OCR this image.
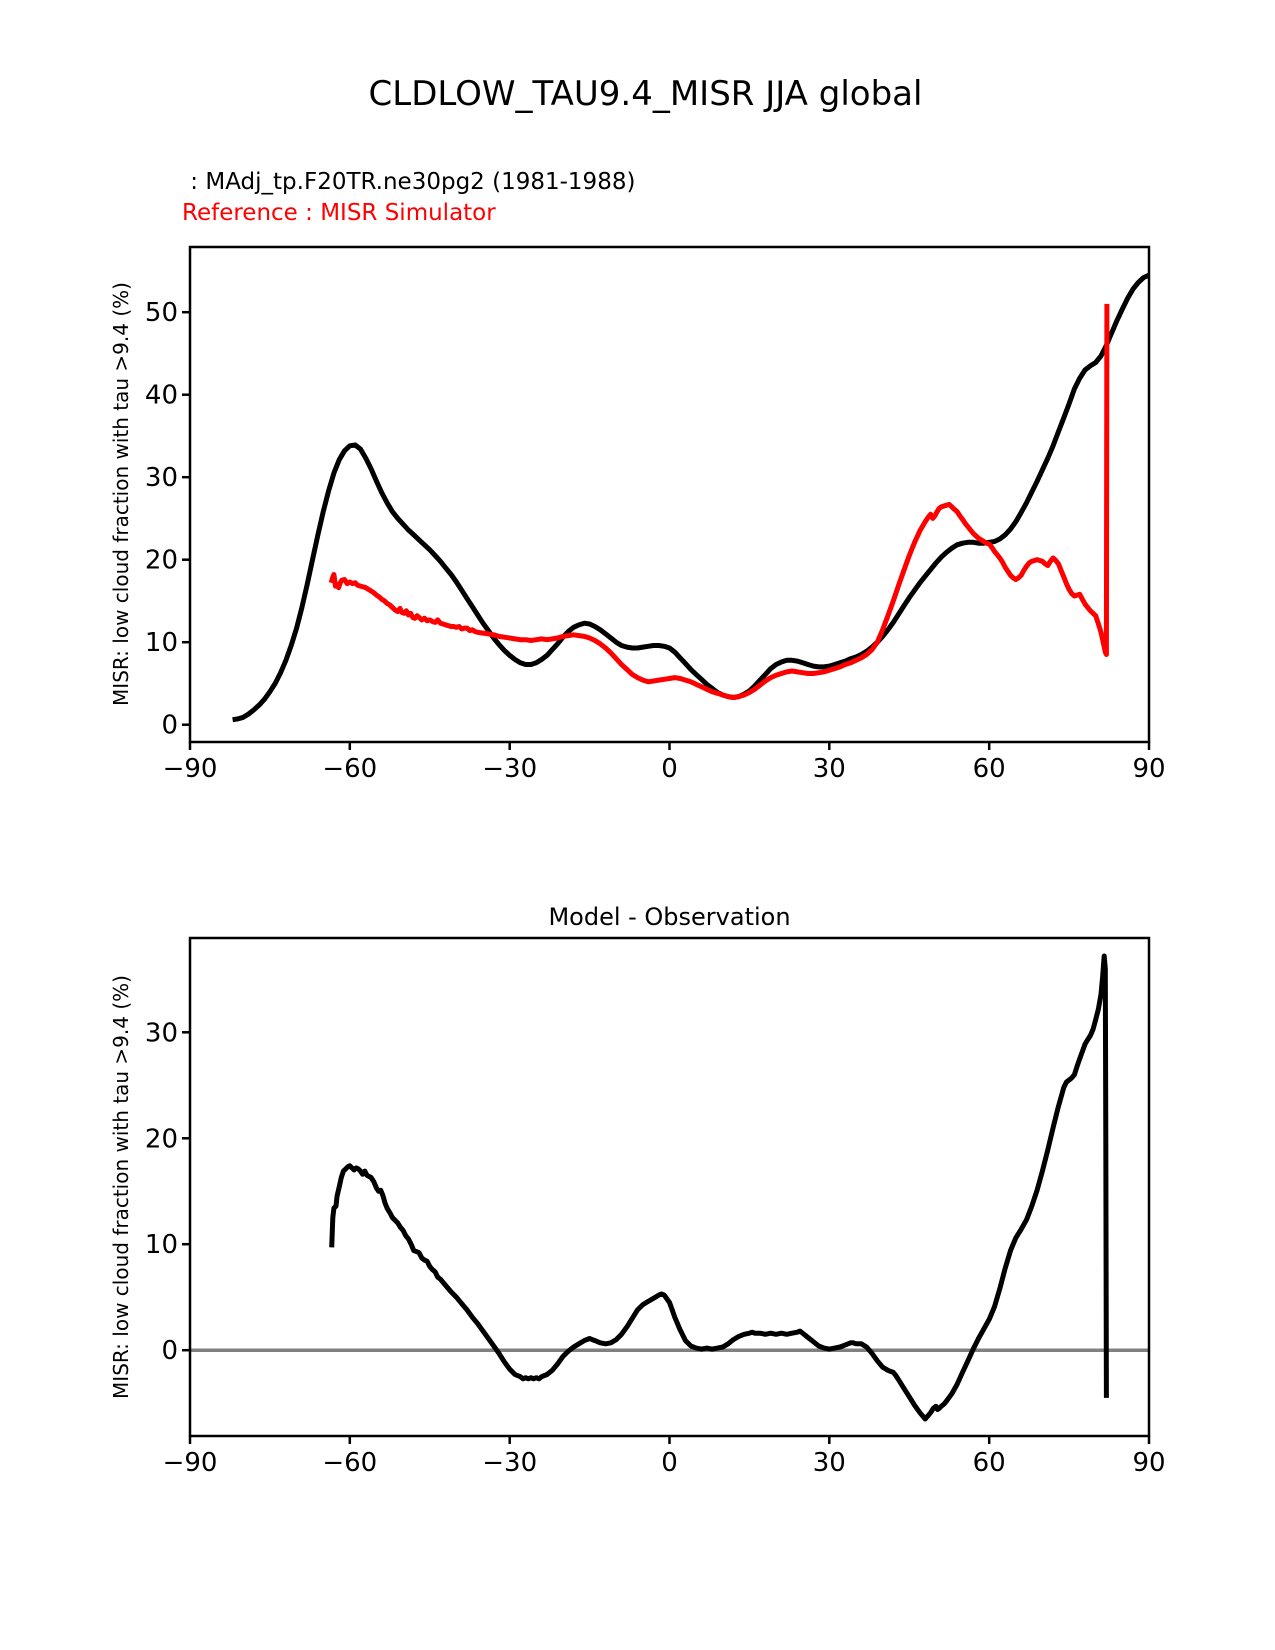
CLDLOW_TAU9.4_MISR JJA global
: MAdj_tp.F20TR.ne30pg2 (1981-1988)
Reference : MISR Simulator
MISR: low cloud fraction with tau >9.4 (%)
Model - Observation
MISR: low cloud fraction with tau >9.4 (%)
−90	−60	−30	0	30	60	90
0
10
20
30
40
50
−90	−60	−30	0	30	60	90
0
10
20
30
